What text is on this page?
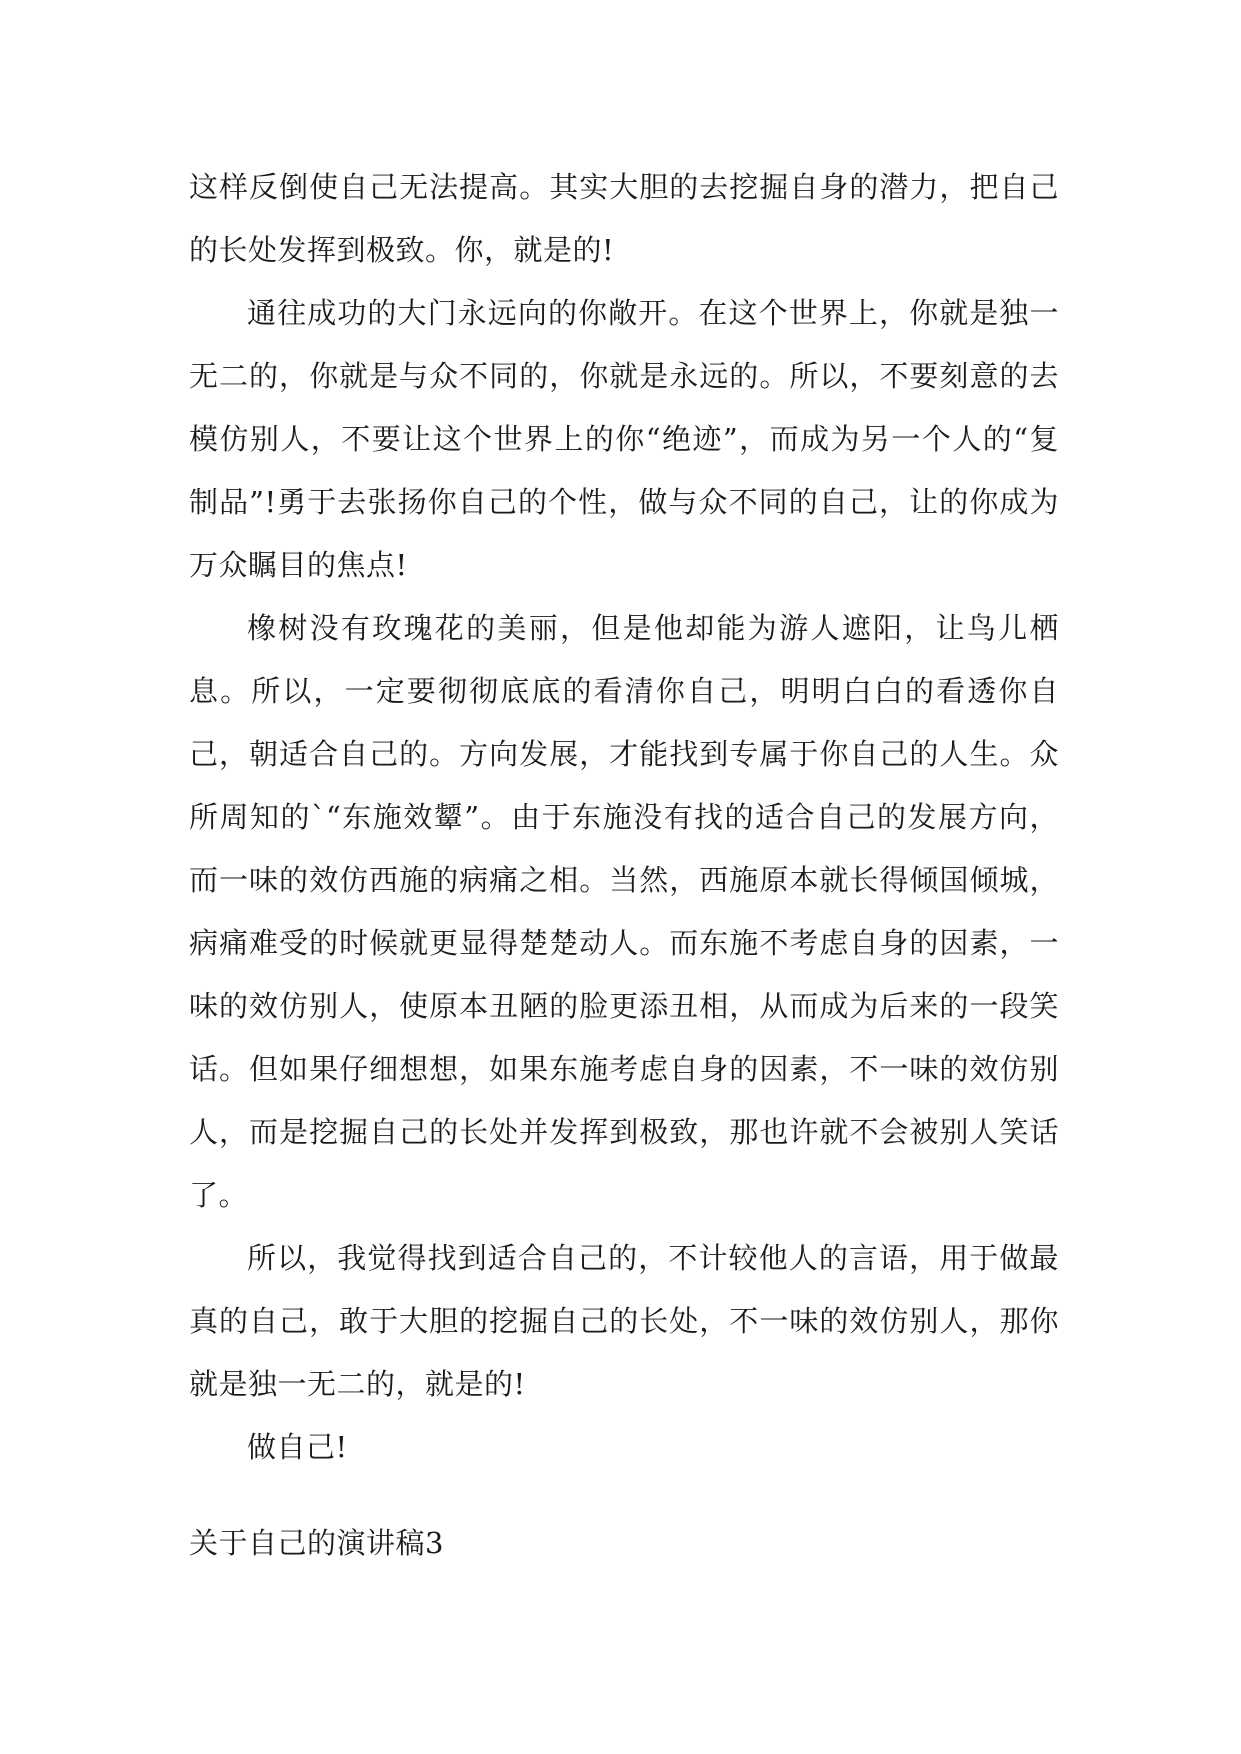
这样反倒使自己无法提高。其实大胆的去挖掘自身的潜力，把自己的长处发挥到极致。你，就是的!

通往成功的大门永远向的你敞开。在这个世界上，你就是独一无二的，你就是与众不同的，你就是永远的。所以，不要刻意的去模仿别人，不要让这个世界上的你“绝迹”，而成为另一个人的“复制品”!勇于去张扬你自己的个性，做与众不同的自己，让的你成为万众瞩目的焦点!

橡树没有玫瑰花的美丽，但是他却能为游人遮阳，让鸟儿栖息。所以，一定要彻彻底底的看清你自己，明明白白的看透你自己，朝适合自己的。方向发展，才能找到专属于你自己的人生。众所周知的`“东施效颦”。由于东施没有找的适合自己的发展方向，而一味的效仿西施的病痛之相。当然，西施原本就长得倾国倾城，病痛难受的时候就更显得楚楚动人。而东施不考虑自身的因素，一味的效仿别人，使原本丑陋的脸更添丑相，从而成为后来的一段笑话。但如果仔细想想，如果东施考虑自身的因素，不一味的效仿别人，而是挖掘自己的长处并发挥到极致，那也许就不会被别人笑话了。

所以，我觉得找到适合自己的，不计较他人的言语，用于做最真的自己，敢于大胆的挖掘自己的长处，不一味的效仿别人，那你就是独一无二的，就是的!

做自己!

关于自己的演讲稿3
